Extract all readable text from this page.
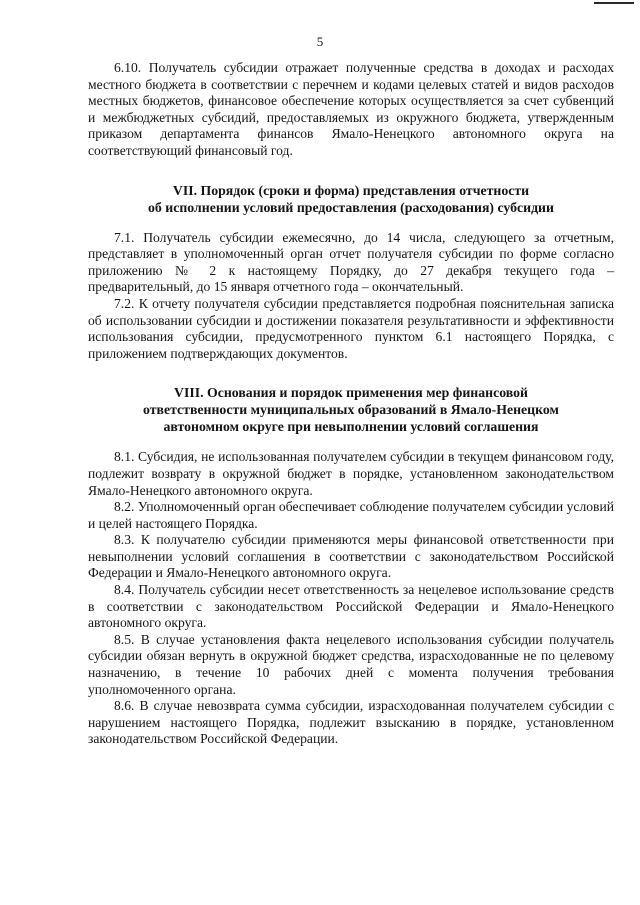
5

6.10. Получатель субсидии отражает полученные средства в доходах и расходах местного бюджета в соответствии с перечнем и кодами целевых статей и видов расходов местных бюджетов, финансовое обеспечение которых осуществляется за счет субвенций и межбюджетных субсидий, предоставляемых из окружного бюджета, утвержденным приказом департамента финансов Ямало-Ненецкого автономного округа на соответствующий финансовый год.

VII. Порядок (сроки и форма) представления отчетности
об исполнении условий предоставления (расходования) субсидии

7.1. Получатель субсидии ежемесячно, до 14 числа, следующего за отчетным, представляет в уполномоченный орган отчет получателя субсидии по форме согласно приложению № 2 к настоящему Порядку, до 27 декабря текущего года – предварительный, до 15 января отчетного года – окончательный.

7.2. К отчету получателя субсидии представляется подробная пояснительная записка об использовании субсидии и достижении показателя результативности и эффективности использования субсидии, предусмотренного пунктом 6.1 настоящего Порядка, с приложением подтверждающих документов.

VIII. Основания и порядок применения мер финансовой
ответственности муниципальных образований в Ямало-Ненецком
автономном округе при невыполнении условий соглашения

8.1. Субсидия, не использованная получателем субсидии в текущем финансовом году, подлежит возврату в окружной бюджет в порядке, установленном законодательством Ямало-Ненецкого автономного округа.

8.2. Уполномоченный орган обеспечивает соблюдение получателем субсидии условий и целей настоящего Порядка.

8.3. К получателю субсидии применяются меры финансовой ответственности при невыполнении условий соглашения в соответствии с законодательством Российской Федерации и Ямало-Ненецкого автономного округа.

8.4. Получатель субсидии несет ответственность за нецелевое использование средств в соответствии с законодательством Российской Федерации и Ямало-Ненецкого автономного округа.

8.5. В случае установления факта нецелевого использования субсидии получатель субсидии обязан вернуть в окружной бюджет средства, израсходованные не по целевому назначению, в течение 10 рабочих дней с момента получения требования уполномоченного органа.

8.6. В случае невозврата сумма субсидии, израсходованная получателем субсидии с нарушением настоящего Порядка, подлежит взысканию в порядке, установленном законодательством Российской Федерации.
